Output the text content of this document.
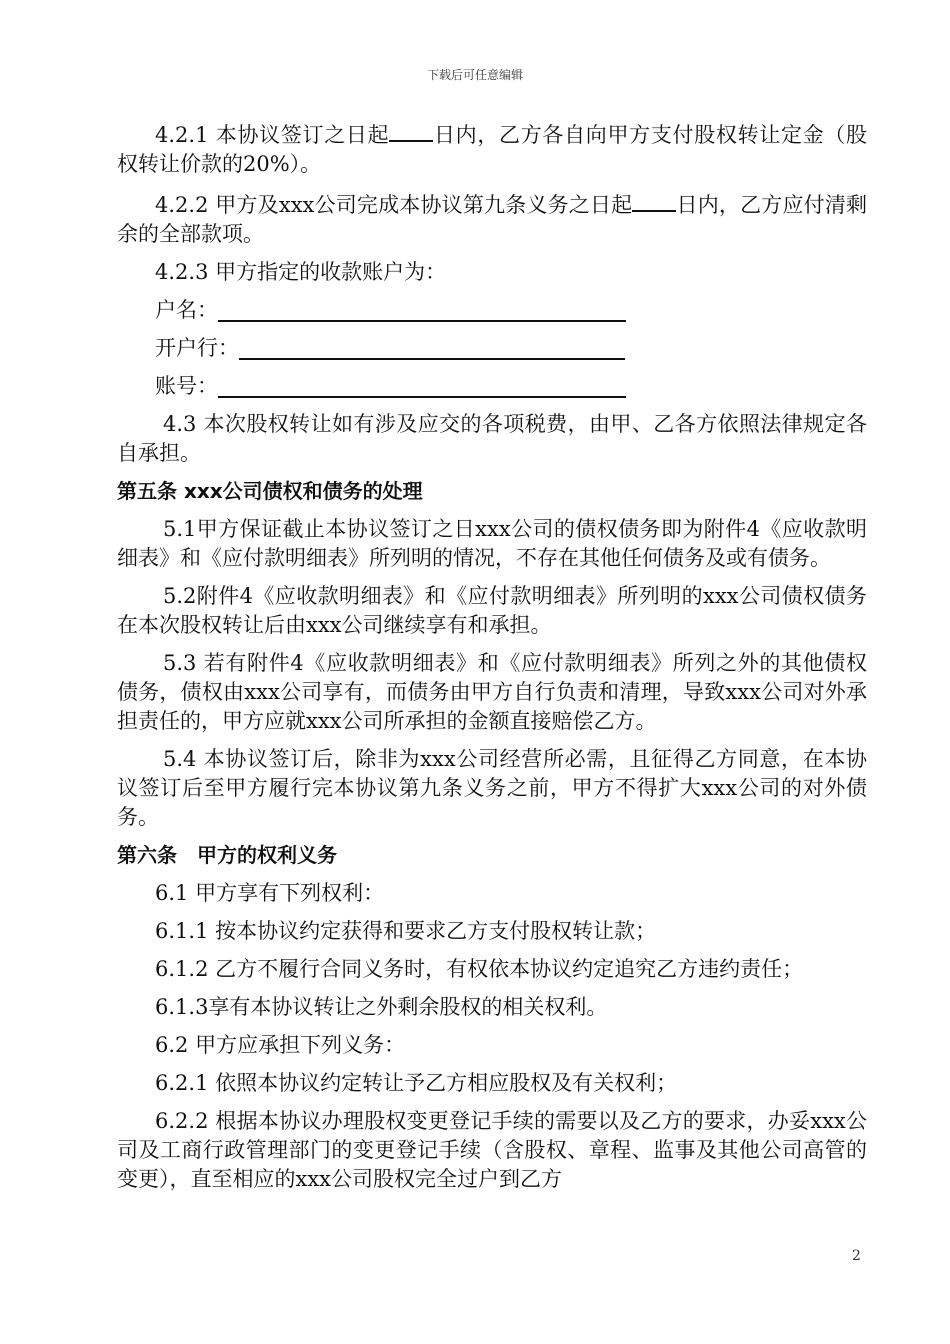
下载后可任意编辑

4.2.1 本协议签订之日起 日内，乙方各自向甲方支付股权转让定金（股权转让价款的20%）。

4.2.2 甲方及xxx公司完成本协议第九条义务之日起 日内，乙方应付清剩余的全部款项。

4.2.3 甲方指定的收款账户为：

户名：
开户行：
账号：

4.3 本次股权转让如有涉及应交的各项税费，由甲、乙各方依照法律规定各自承担。

第五条 xxx公司债权和债务的处理

5.1甲方保证截止本协议签订之日xxx公司的债权债务即为附件4《应收款明细表》和《应付款明细表》所列明的情况，不存在其他任何债务及或有债务。

5.2附件4《应收款明细表》和《应付款明细表》所列明的xxx公司债权债务在本次股权转让后由xxx公司继续享有和承担。

5.3 若有附件4《应收款明细表》和《应付款明细表》所列之外的其他债权债务，债权由xxx公司享有，而债务由甲方自行负责和清理，导致xxx公司对外承担责任的，甲方应就xxx公司所承担的金额直接赔偿乙方。

5.4 本协议签订后，除非为xxx公司经营所必需，且征得乙方同意，在本协议签订后至甲方履行完本协议第九条义务之前，甲方不得扩大xxx公司的对外债务。

第六条　甲方的权利义务

6.1 甲方享有下列权利：

6.1.1 按本协议约定获得和要求乙方支付股权转让款；

6.1.2 乙方不履行合同义务时，有权依本协议约定追究乙方违约责任；

6.1.3享有本协议转让之外剩余股权的相关权利。

6.2 甲方应承担下列义务：

6.2.1 依照本协议约定转让予乙方相应股权及有关权利；

6.2.2 根据本协议办理股权变更登记手续的需要以及乙方的要求，办妥xxx公司及工商行政管理部门的变更登记手续（含股权、章程、监事及其他公司高管的变更），直至相应的xxx公司股权完全过户到乙方

2
